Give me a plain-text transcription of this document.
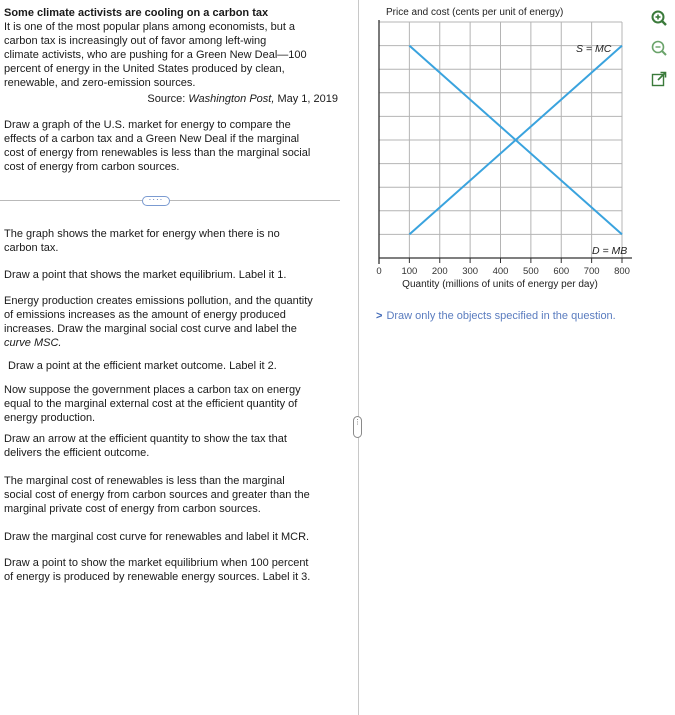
Some climate activists are cooling on a carbon tax

It is one of the most popular plans among economists, but a

carbon tax is increasingly out of favor among left-wing

climate activists, who are pushing for a Green New Deal—100

percent of energy in the United States produced by clean,

renewable, and zero-emission sources.

Source: Washington Post, May 1, 2019

Draw a graph of the U.S. market for energy to compare the

effects of a carbon tax and a Green New Deal if the marginal

cost of energy from renewables is less than the marginal social

cost of energy from carbon sources.

····

The graph shows the market for energy when there is no

carbon tax.

Draw a point that shows the market equilibrium. Label it 1.

Energy production creates emissions pollution, and the quantity

of emissions increases as the amount of energy produced

increases. Draw the marginal social cost curve and label the

curve MSC.

Draw a point at the efficient market outcome. Label it 2.

Now suppose the government places a carbon tax on energy

equal to the marginal external cost at the efficient quantity of

energy production.

Draw an arrow at the efficient quantity to show the tax that

delivers the efficient outcome.

The marginal cost of renewables is less than the marginal

social cost of energy from carbon sources and greater than the

marginal private cost of energy from carbon sources.

Draw the marginal cost curve for renewables and label it MCR.

Draw a point to show the market equilibrium when 100 percent

of energy is produced by renewable energy sources. Label it 3.

⋮
Price and cost (cents per unit of energy)
100 200 300 400 500 600 700 800
0
Quantity (millions of units of energy per day)
S = MC
D = MB
> Draw only the objects specified in the question.
